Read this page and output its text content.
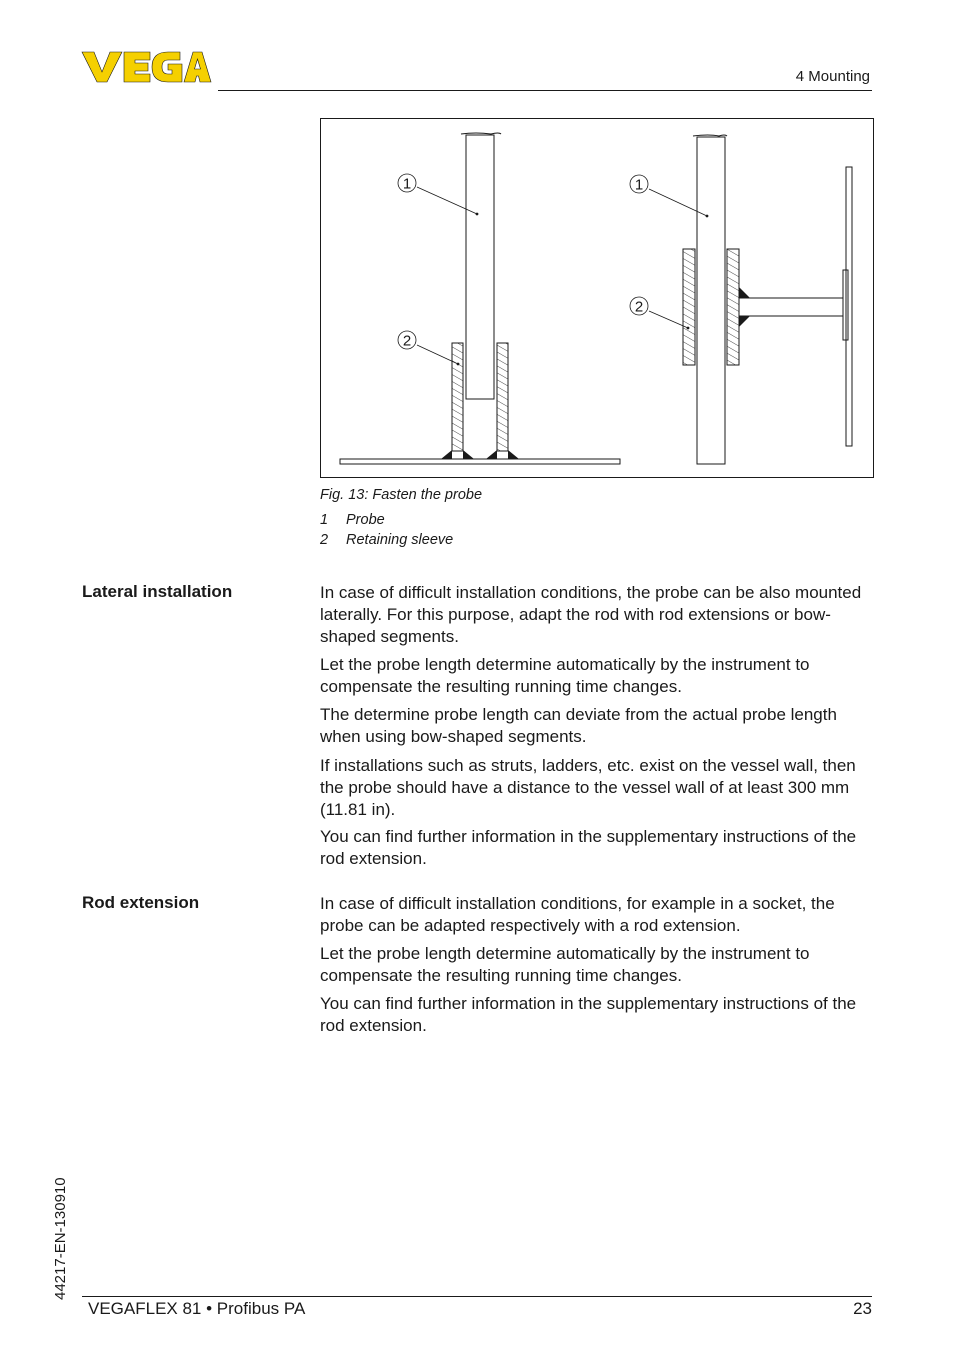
4 Mounting
1
2
1
2
Fig. 13: Fasten the probe
1	Probe
2	Retaining sleeve
Lateral installation	In case of difficult installation conditions, the probe can be also mounted laterally. For this purpose, adapt the rod with rod extensions or bow-shaped segments.

Let the probe length determine automatically by the instrument to compensate the resulting running time changes.

The determine probe length can deviate from the actual probe length when using bow-shaped segments.

If installations such as struts, ladders, etc. exist on the vessel wall, then the probe should have a distance to the vessel wall of at least 300 mm (11.81 in).

You can find further information in the supplementary instructions of the rod extension.

Rod extension	In case of difficult installation conditions, for example in a socket, the probe can be adapted respectively with a rod extension.

Let the probe length determine automatically by the instrument to compensate the resulting running time changes.

You can find further information in the supplementary instructions of the rod extension.

44217-EN-130910
VEGAFLEX 81 • Profibus PA	23
